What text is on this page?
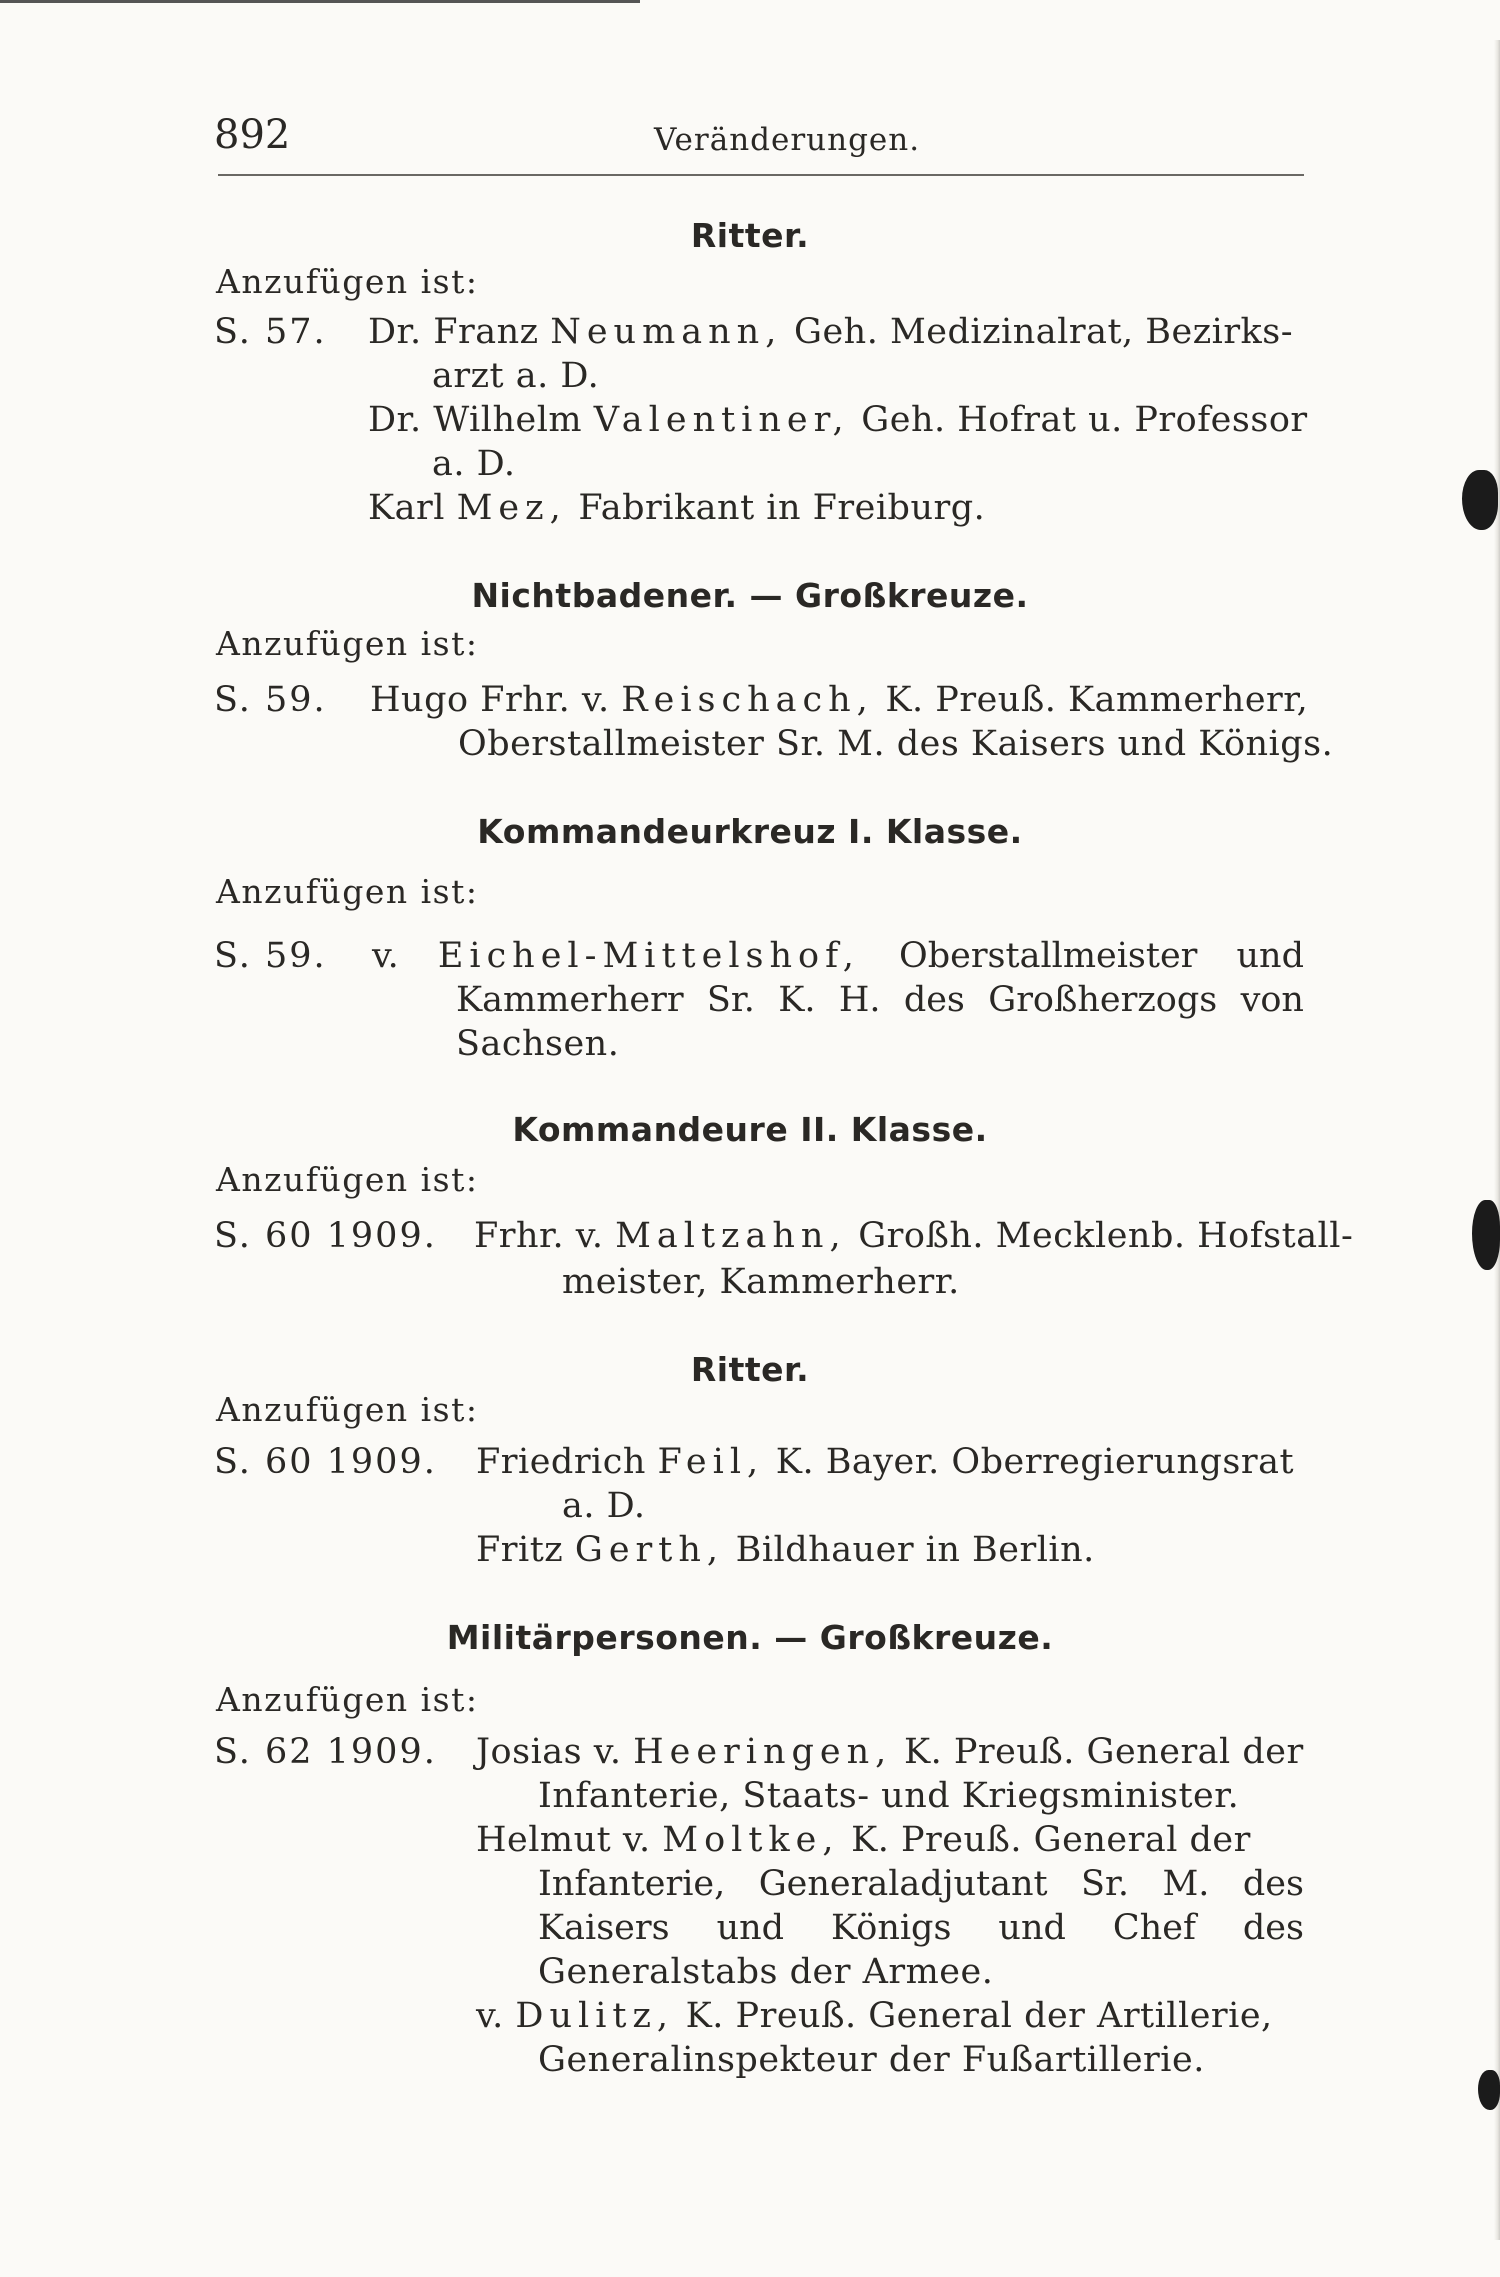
892	Veränderungen.
Ritter.
Anzufügen ist:
S. 57. Dr. Franz Neumann, Geh. Medizinalrat, Bezirks-
arzt a. D.
Dr. Wilhelm Valentiner, Geh. Hofrat u. Professor
a. D.
Karl Mez, Fabrikant in Freiburg.
Nichtbadener. — Großkreuze.
Anzufügen ist:
S. 59. Hugo Frhr. v. Reischach, K. Preuß. Kammerherr,
Oberstallmeister Sr. M. des Kaisers und Königs.
Kommandeurkreuz I. Klasse.
Anzufügen ist:
S. 59. v. Eichel-Mittelshof, Oberstallmeister und
Kammerherr Sr. K. H. des Großherzogs von
Sachsen.
Kommandeure II. Klasse.
Anzufügen ist:
S. 60 1909. Frhr. v. Maltzahn, Großh. Mecklenb. Hofstall-
meister, Kammerherr.
Ritter.
Anzufügen ist:
S. 60 1909. Friedrich Feil, K. Bayer. Oberregierungsrat
a. D.
Fritz Gerth, Bildhauer in Berlin.
Militärpersonen. — Großkreuze.
Anzufügen ist:
S. 62 1909. Josias v. Heeringen, K. Preuß. General der
Infanterie, Staats- und Kriegsminister.
Helmut v. Moltke, K. Preuß. General der
Infanterie, Generaladjutant Sr. M. des
Kaisers und Königs und Chef des
Generalstabs der Armee.
v. Dulitz, K. Preuß. General der Artillerie,
Generalinspekteur der Fußartillerie.
